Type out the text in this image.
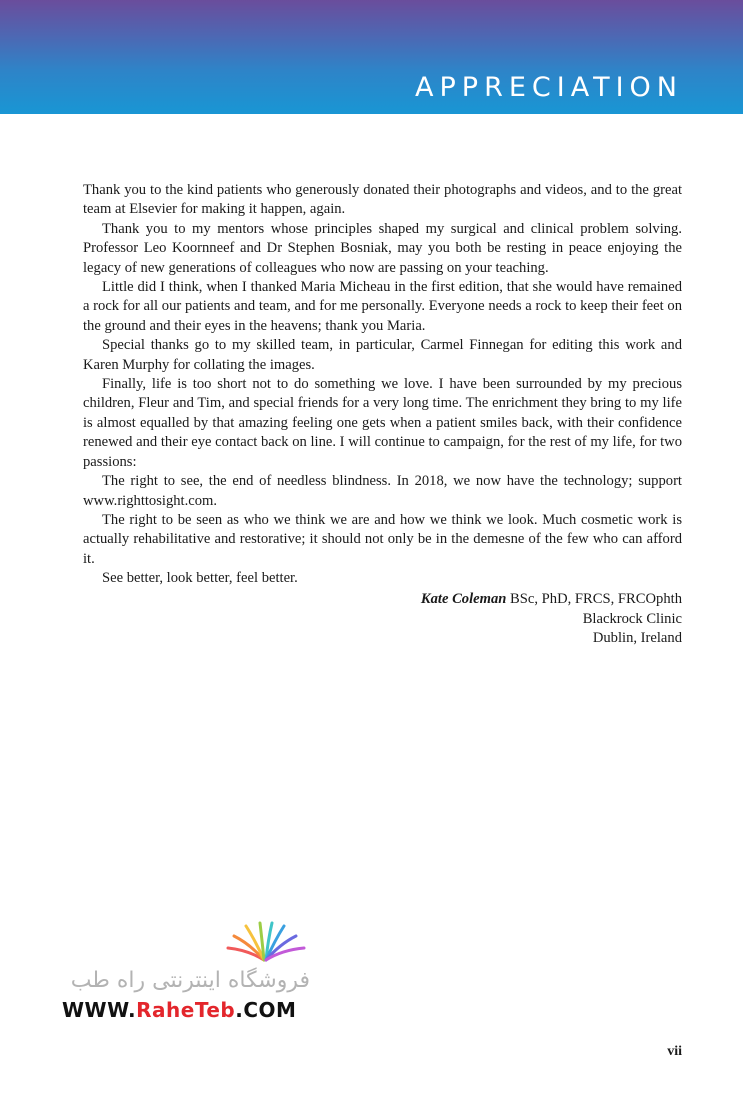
APPRECIATION

Thank you to the kind patients who generously donated their photographs and videos, and to the great team at Elsevier for making it happen, again.

Thank you to my mentors whose principles shaped my surgical and clinical problem solving. Professor Leo Koornneef and Dr Stephen Bosniak, may you both be resting in peace enjoying the legacy of new generations of colleagues who now are passing on your teaching.

Little did I think, when I thanked Maria Micheau in the first edition, that she would have remained a rock for all our patients and team, and for me personally. Everyone needs a rock to keep their feet on the ground and their eyes in the heavens; thank you Maria.

Special thanks go to my skilled team, in particular, Carmel Finnegan for editing this work and Karen Murphy for collating the images.

Finally, life is too short not to do something we love. I have been surrounded by my precious children, Fleur and Tim, and special friends for a very long time. The enrichment they bring to my life is almost equalled by that amazing feeling one gets when a patient smiles back, with their confidence renewed and their eye contact back on line. I will continue to campaign, for the rest of my life, for two passions:

The right to see, the end of needless blindness. In 2018, we now have the technology; support www.righttosight.com.

The right to be seen as who we think we are and how we think we look. Much cosmetic work is actually rehabilitative and restorative; it should not only be in the demesne of the few who can afford it.

See better, look better, feel better.

Kate Coleman BSc, PhD, FRCS, FRCOphth
Blackrock Clinic
Dublin, Ireland
فروشگاه اینترنتی راه طب
WWW.RaheTeb.COM
vii
